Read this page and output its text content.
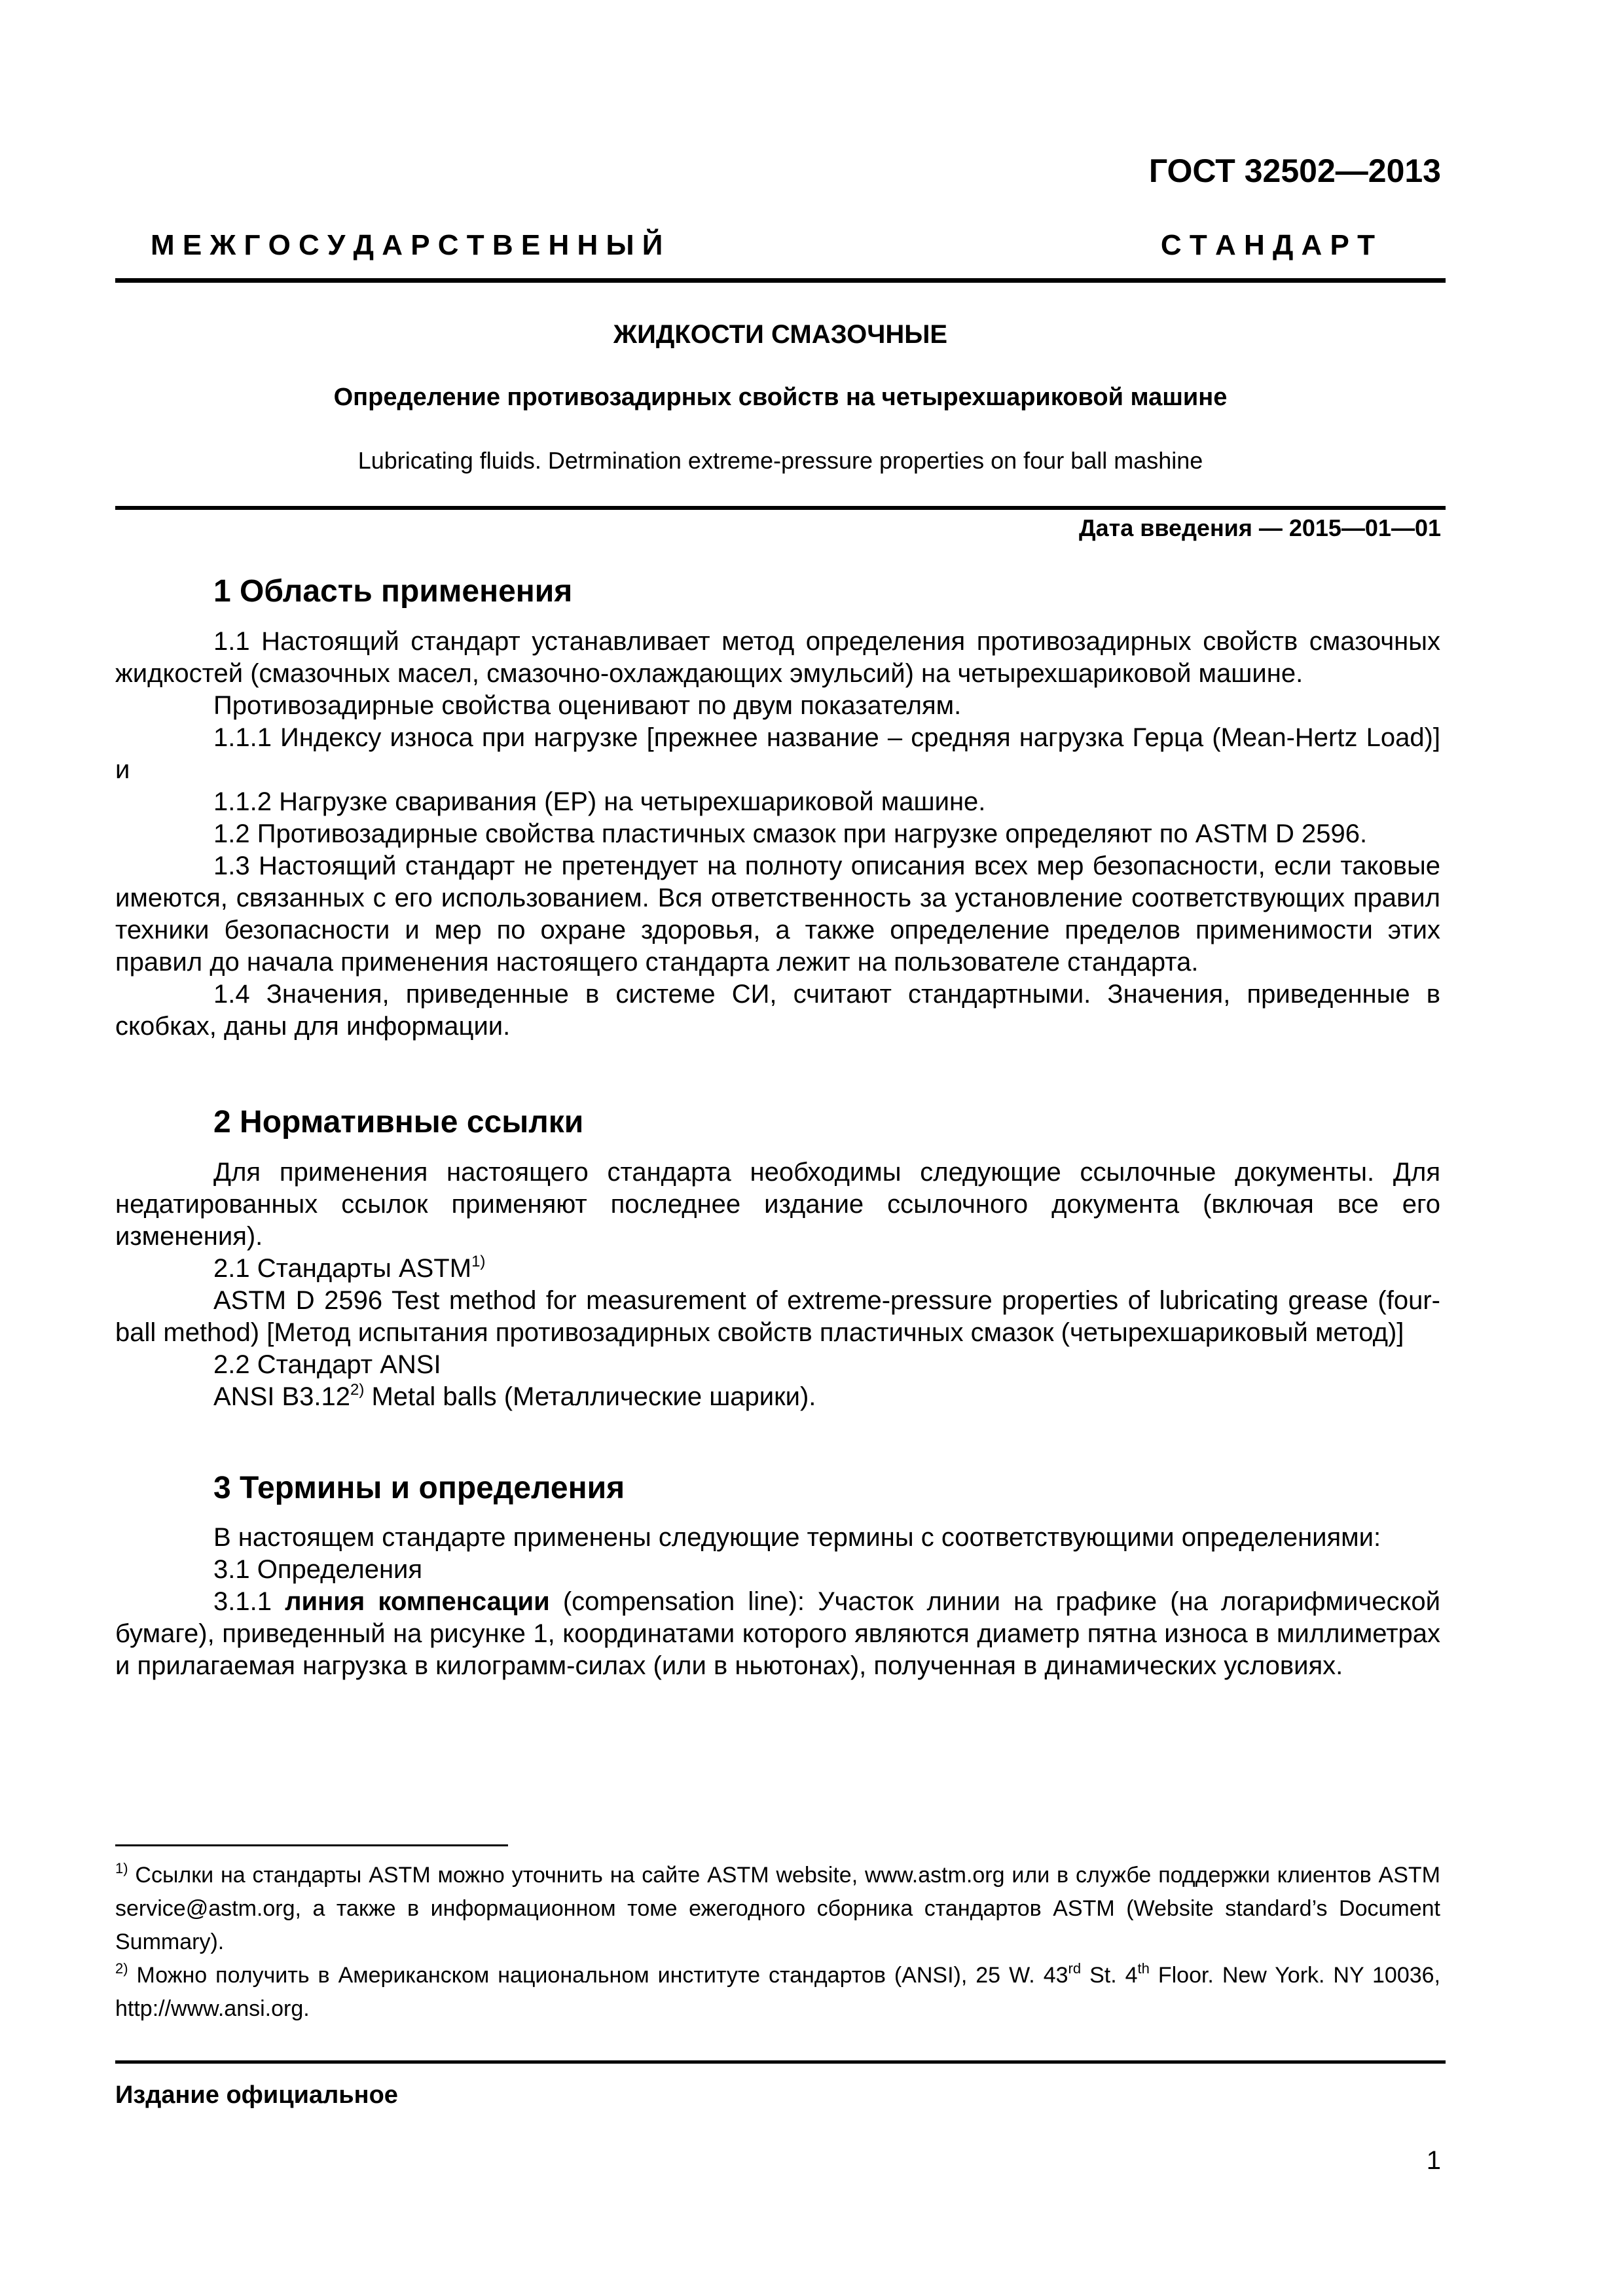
ГОСТ 32502—2013
М Е Ж Г О С У Д А Р С Т В Е Н Н Ы Й	С Т А Н Д А Р Т
ЖИДКОСТИ СМАЗОЧНЫЕ
Определение противозадирных свойств на четырехшариковой машине
Lubricating fluids. Detrmination extreme-pressure properties on four ball mashine
Дата введения — 2015—01—01
1 Область применения

1.1 Настоящий стандарт устанавливает метод определения противозадирных свойств смазочных жидкостей (смазочных масел, смазочно-охлаждающих эмульсий) на четырехшариковой машине.

Противозадирные свойства оценивают по двум показателям.

1.1.1 Индексу износа при нагрузке [прежнее название – средняя нагрузка Герца (Mean-Hertz Load)] и

1.1.2 Нагрузке сваривания (EP) на четырехшариковой машине.

1.2 Противозадирные свойства пластичных смазок при нагрузке определяют по ASTM D 2596.

1.3 Настоящий стандарт не претендует на полноту описания всех мер безопасности, если таковые имеются, связанных с его использованием. Вся ответственность за установление соответствующих правил техники безопасности и мер по охране здоровья, а также определение пределов применимости этих правил до начала применения настоящего стандарта лежит на пользователе стандарта.

1.4 Значения, приведенные в системе СИ, считают стандартными. Значения, приведенные в скобках, даны для информации.

2 Нормативные ссылки

Для применения настоящего стандарта необходимы следующие ссылочные документы. Для недатированных ссылок применяют последнее издание ссылочного документа (включая все его изменения).

2.1 Стандарты ASTM$^{1)}$

ASTM D 2596 Test method for measurement of extreme-pressure properties of lubricating grease (four-ball method) [Метод испытания противозадирных свойств пластичных смазок (четырехшариковый метод)]

2.2 Стандарт ANSI

ANSI B3.12$^{2)}$ Metal balls (Металлические шарики).

3 Термины и определения

В настоящем стандарте применены следующие термины с соответствующими определениями:

3.1 Определения

3.1.1 линия компенсации (compensation line): Участок линии на графике (на логарифмической бумаге), приведенный на рисунке 1, координатами которого являются диаметр пятна износа в миллиметрах и прилагаемая нагрузка в килограмм-силах (или в ньютонах), полученная в динамических условиях.

$^{1)}$ Ссылки на стандарты ASTM можно уточнить на сайте ASTM website, www.astm.org или в службе поддержки клиентов ASTM service@astm.org, а также в информационном томе ежегодного сборника стандартов ASTM (Website standard’s Document Summary).

$^{2)}$ Можно получить в Американском национальном институте стандартов (ANSI), 25 W. 43rd St. 4th Floor. New York. NY 10036, http://www.ansi.org.

Издание официальное
1
